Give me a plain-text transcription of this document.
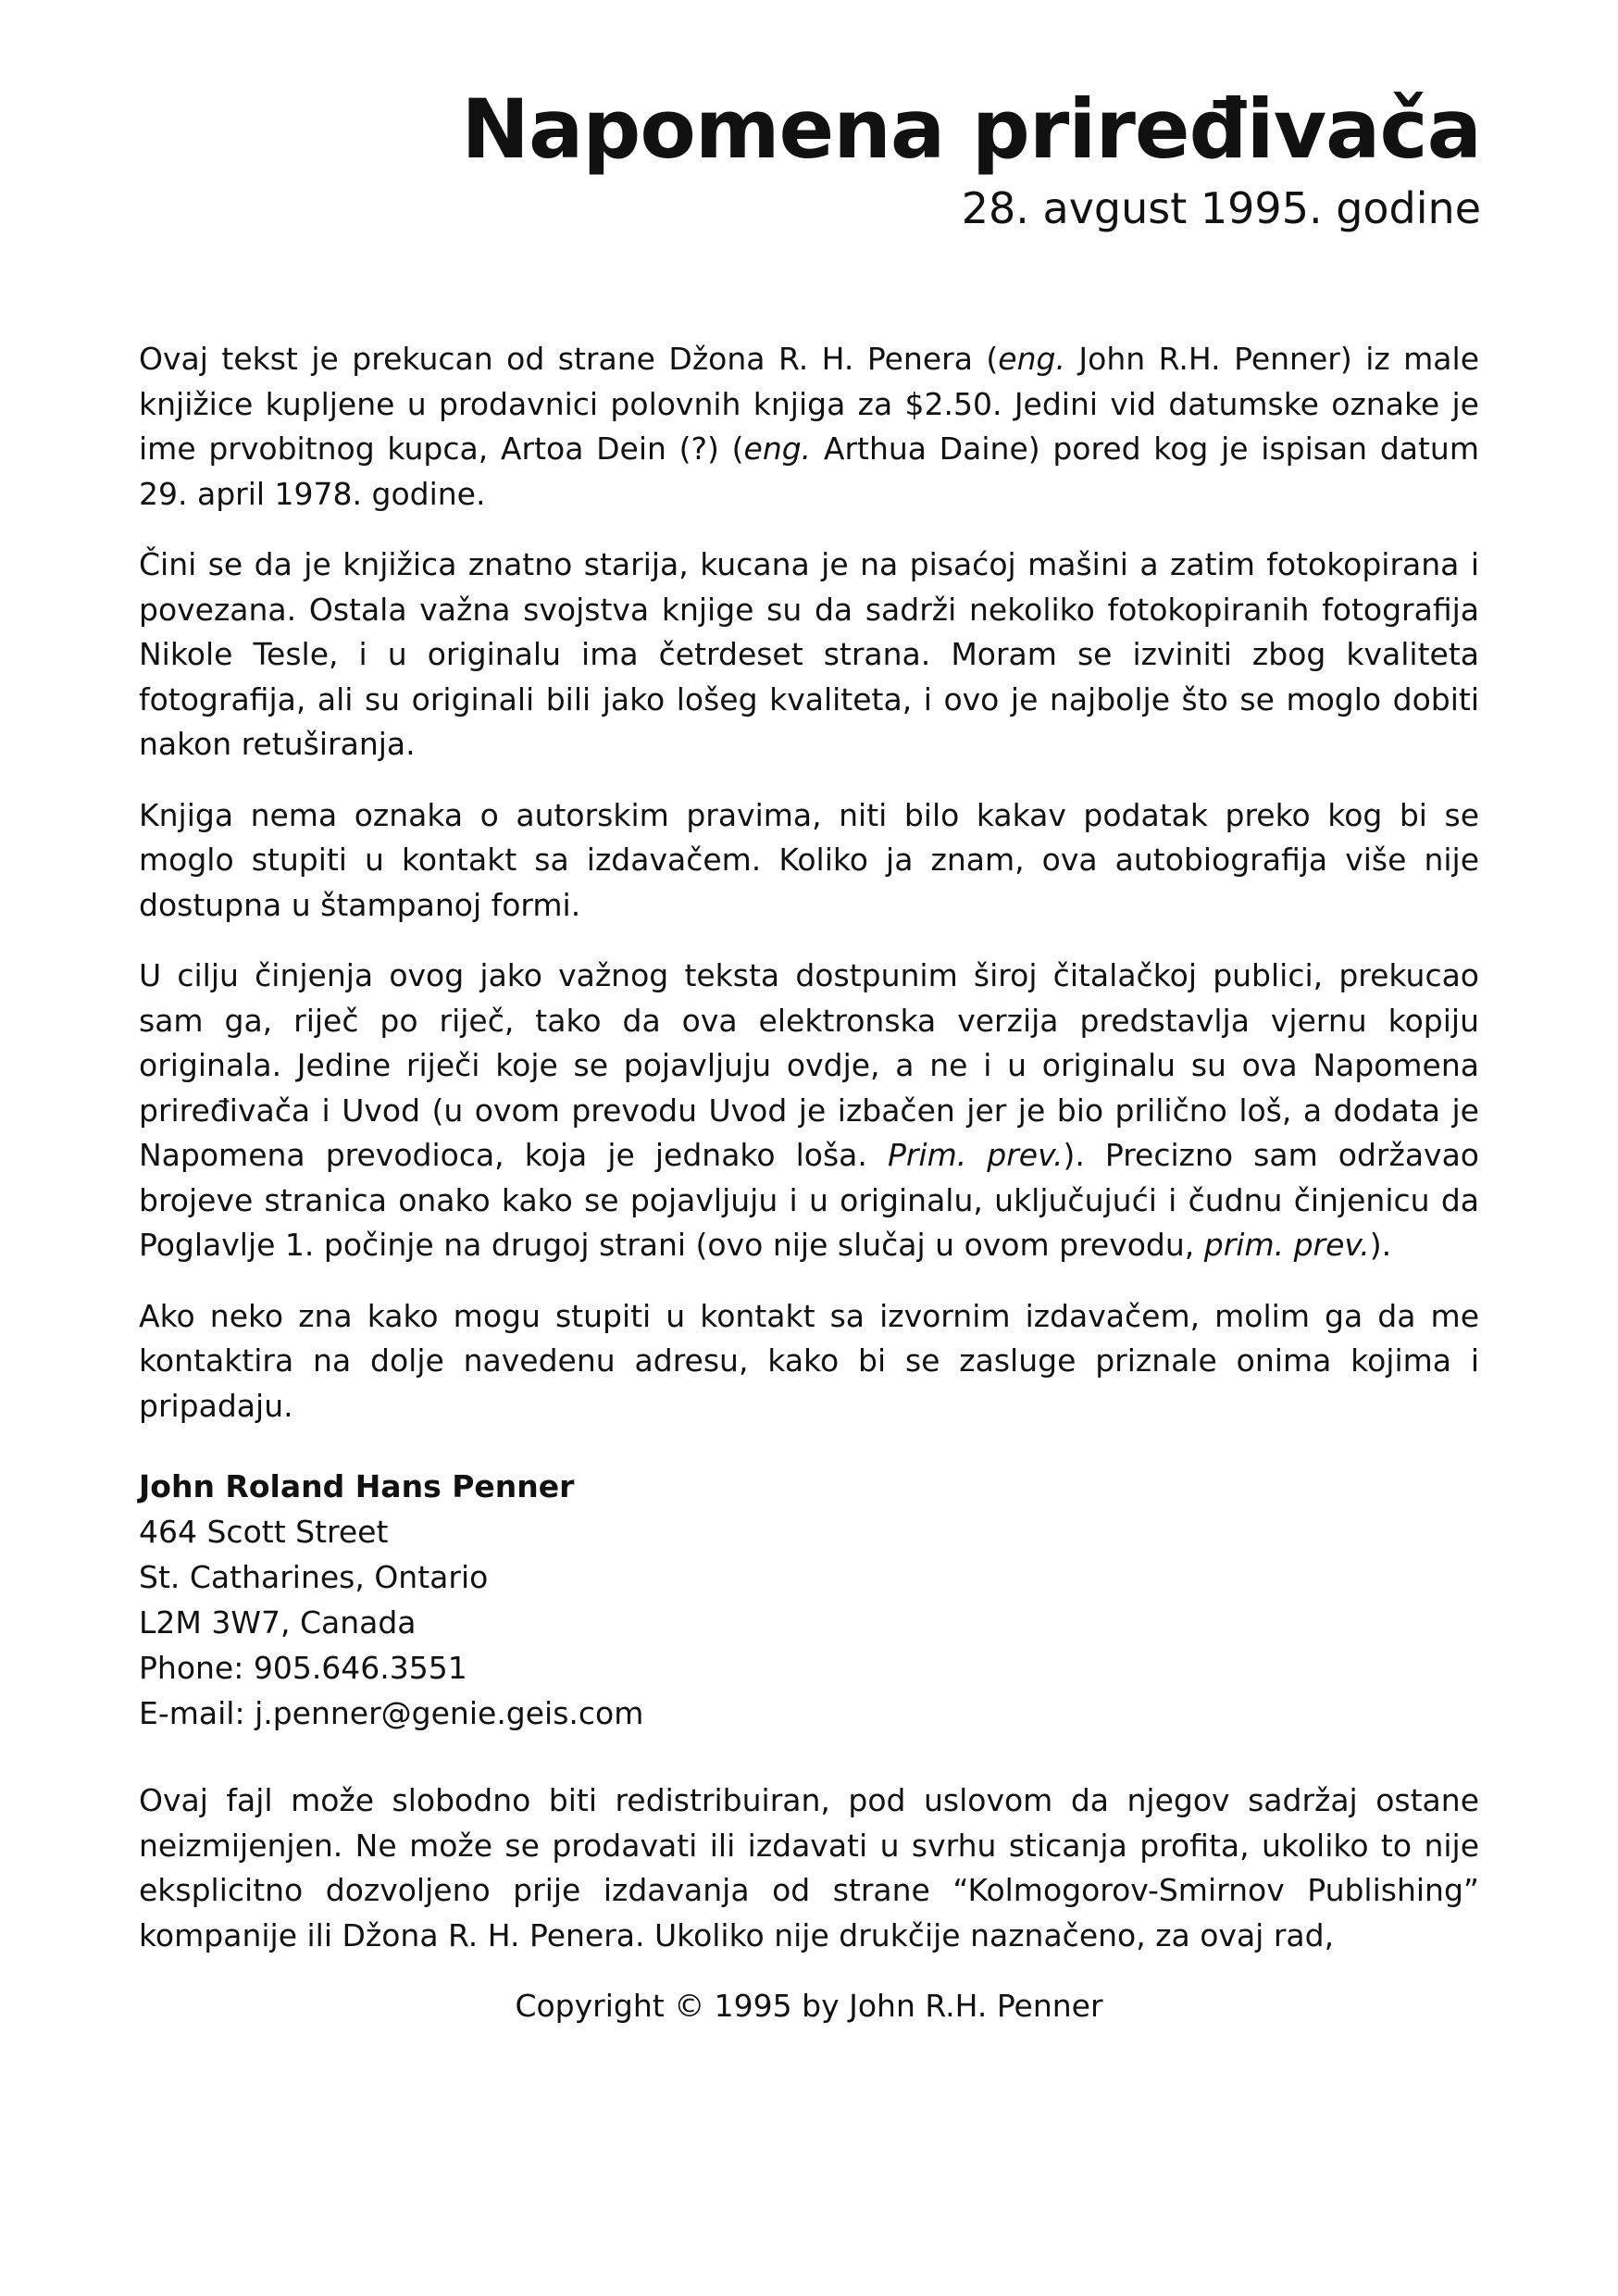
Napomena priređivača
28. avgust 1995. godine

Ovaj tekst je prekucan od strane Džona R. H. Penera (eng. John R.H. Penner) iz male knjižice kupljene u prodavnici polovnih knjiga za $2.50. Jedini vid datumske oznake je ime prvobitnog kupca, Artoa Dein (?) (eng. Arthua Daine) pored kog je ispisan datum 29. april 1978. godine.

Čini se da je knjižica znatno starija, kucana je na pisaćoj mašini a zatim fotokopirana i povezana. Ostala važna svojstva knjige su da sadrži nekoliko fotokopiranih fotografija Nikole Tesle, i u originalu ima četrdeset strana. Moram se izviniti zbog kvaliteta fotografija, ali su originali bili jako lošeg kvaliteta, i ovo je najbolje što se moglo dobiti nakon retuširanja.

Knjiga nema oznaka o autorskim pravima, niti bilo kakav podatak preko kog bi se moglo stupiti u kontakt sa izdavačem. Koliko ja znam, ova autobiografija više nije dostupna u štampanoj formi.

U cilju činjenja ovog jako važnog teksta dostpunim široj čitalačkoj publici, prekucao sam ga, riječ po riječ, tako da ova elektronska verzija predstavlja vjernu kopiju originala. Jedine riječi koje se pojavljuju ovdje, a ne i u originalu su ova Napomena priređivača i Uvod (u ovom prevodu Uvod je izbačen jer je bio prilično loš, a dodata je Napomena prevodioca, koja je jednako loša. Prim. prev.). Precizno sam održavao brojeve stranica onako kako se pojavljuju i u originalu, uključujući i čudnu činjenicu da Poglavlje 1. počinje na drugoj strani (ovo nije slučaj u ovom prevodu, prim. prev.).

Ako neko zna kako mogu stupiti u kontakt sa izvornim izdavačem, molim ga da me kontaktira na dolje navedenu adresu, kako bi se zasluge priznale onima kojima i pripadaju.

John Roland Hans Penner
464 Scott Street
St. Catharines, Ontario
L2M 3W7, Canada
Phone: 905.646.3551
E-mail: j.penner@genie.geis.com

Ovaj fajl može slobodno biti redistribuiran, pod uslovom da njegov sadržaj ostane neizmijenjen. Ne može se prodavati ili izdavati u svrhu sticanja profita, ukoliko to nije eksplicitno dozvoljeno prije izdavanja od strane “Kolmogorov-Smirnov Publishing” kompanije ili Džona R. H. Penera. Ukoliko nije drukčije naznačeno, za ovaj rad,

Copyright © 1995 by John R.H. Penner
